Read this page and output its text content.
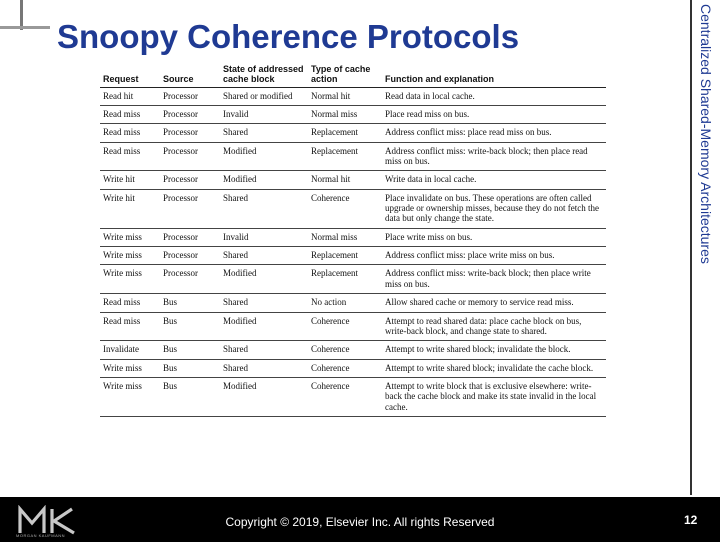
Snoopy Coherence Protocols	Centralized Shared-Memory Architectures
Request	Source	State of addressed cache block	Type of cache action	Function and explanation
Read hit	Processor	Shared or modified	Normal hit	Read data in local cache.
Read miss	Processor	Invalid	Normal miss	Place read miss on bus.
Read miss	Processor	Shared	Replacement	Address conflict miss: place read miss on bus.
Read miss	Processor	Modified	Replacement	Address conflict miss: write-back block; then place read miss on bus.
Write hit	Processor	Modified	Normal hit	Write data in local cache.
Write hit	Processor	Shared	Coherence	Place invalidate on bus. These operations are often called upgrade or ownership misses, because they do not fetch the data but only change the state.
Write miss	Processor	Invalid	Normal miss	Place write miss on bus.
Write miss	Processor	Shared	Replacement	Address conflict miss: place write miss on bus.
Write miss	Processor	Modified	Replacement	Address conflict miss: write-back block; then place write miss on bus.
Read miss	Bus	Shared	No action	Allow shared cache or memory to service read miss.
Read miss	Bus	Modified	Coherence	Attempt to read shared data: place cache block on bus, write-back block, and change state to shared.
Invalidate	Bus	Shared	Coherence	Attempt to write shared block; invalidate the block.
Write miss	Bus	Shared	Coherence	Attempt to write shared block; invalidate the cache block.
Write miss	Bus	Modified	Coherence	Attempt to write block that is exclusive elsewhere: write-back the cache block and make its state invalid in the local cache.
MORGAN KAUFMANN
Copyright © 2019, Elsevier Inc. All rights Reserved	12
